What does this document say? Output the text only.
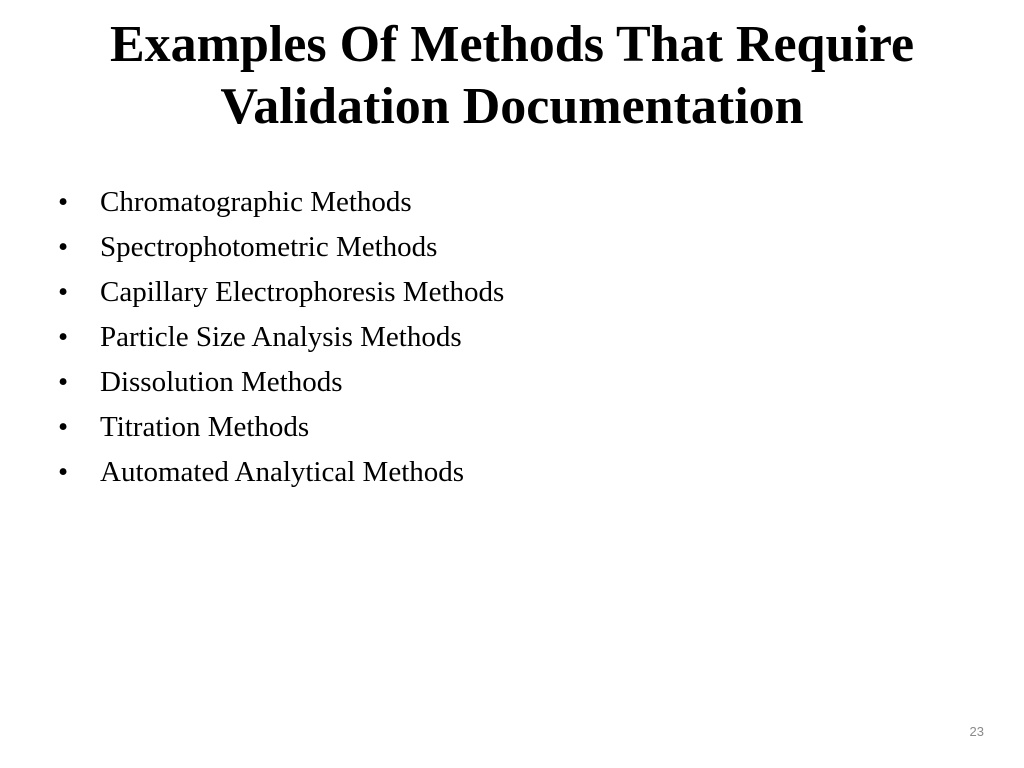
Examples Of Methods That Require Validation Documentation
•	Chromatographic Methods
•	Spectrophotometric Methods
•	Capillary Electrophoresis Methods
•	Particle Size Analysis Methods
•	Dissolution Methods
•	Titration Methods
•	Automated Analytical Methods
23
